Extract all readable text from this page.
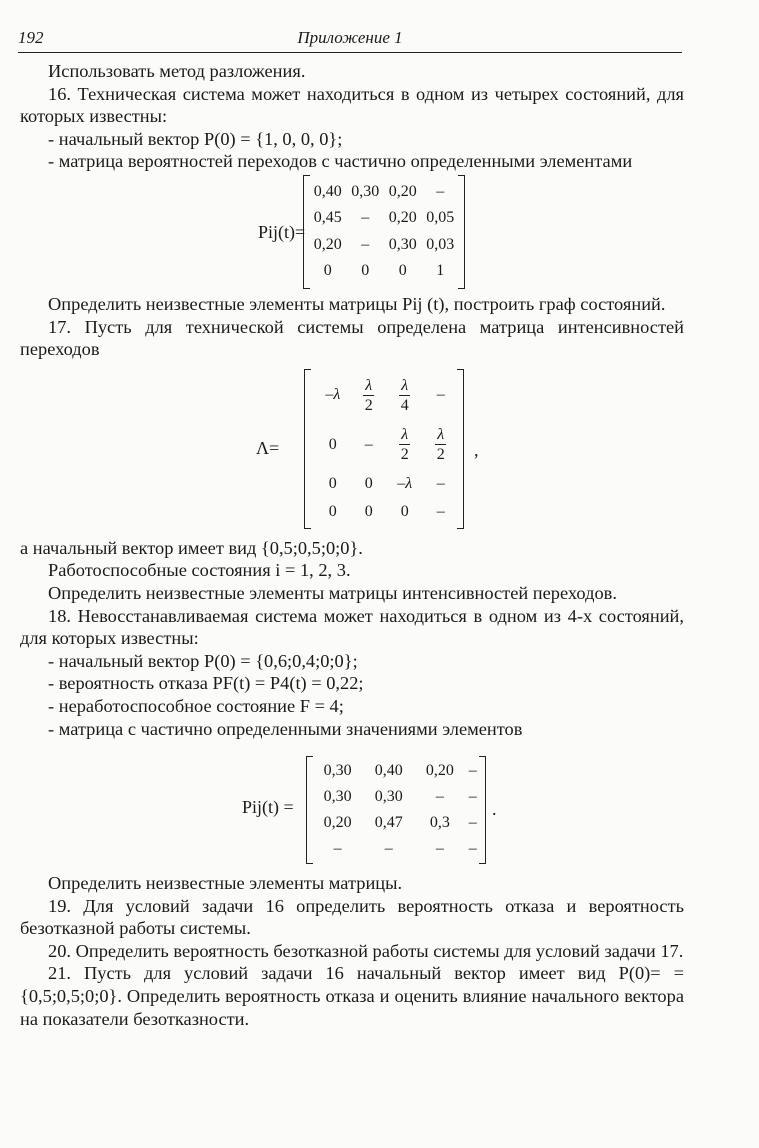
192	Приложение 1

Использовать метод разложения.

16. Техническая система может находиться в одном из четырех состояний, для которых известны:

- начальный вектор P(0) = {1, 0, 0, 0};

- матрица вероятностей переходов с частично определенными элементами

Pij(t)=
0,40	0,30	0,20	–
0,45	–	0,20	0,05
0,20	–	0,30	0,03
0	0	0	1

Определить неизвестные элементы матрицы Pij (t), построить граф состояний.

17. Пусть для технической системы определена матрица интенсивностей переходов

Λ=
–λ	$\frac{\lambda}{2}$	$\frac{\lambda}{4}$	–
0	–	$\frac{\lambda}{2}$	$\frac{\lambda}{2}$

0	0	–λ	–
0	0	0	–
,

а начальный вектор имеет вид {0,5;0,5;0;0}.

Работоспособные состояния i = 1, 2, 3.

Определить неизвестные элементы матрицы интенсивностей переходов.

18. Невосстанавливаемая система может находиться в одном из 4-х состояний, для которых известны:

- начальный вектор P(0) = {0,6;0,4;0;0};

- вероятность отказа PF(t) = P4(t) = 0,22;

- неработоспособное состояние F = 4;

- матрица с частично определенными значениями элементов

Pij(t) =
0,30	0,40	0,20	–
0,30	0,30	–	–
0,20	0,47	0,3	–
–	–	–	–
.

Определить неизвестные элементы матрицы.

19. Для условий задачи 16 определить вероятность отказа и вероятность безотказной работы системы.

20. Определить вероятность безотказной работы системы для условий задачи 17.

21. Пусть для условий задачи 16 начальный вектор имеет вид P(0)= ={0,5;0,5;0;0}. Определить вероятность отказа и оценить влияние начального вектора на показатели безотказности.
